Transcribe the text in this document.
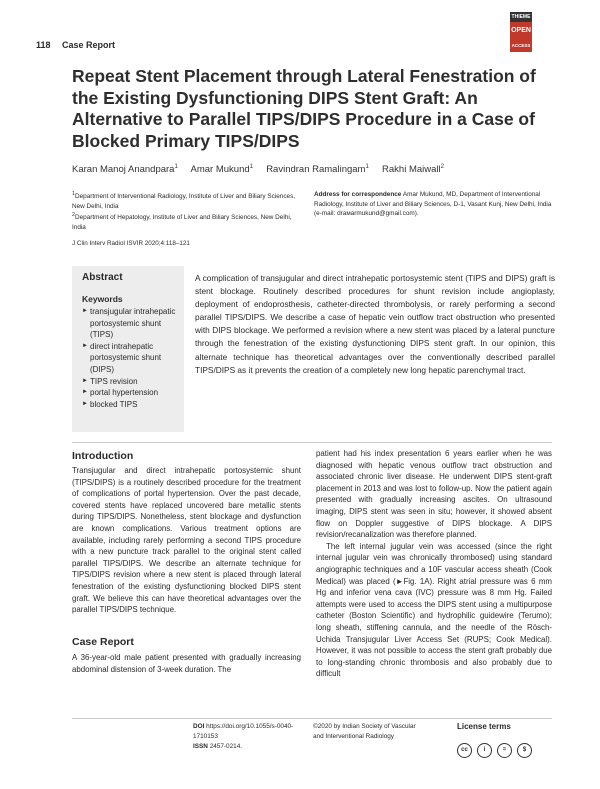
118 Case Report
THIEME
OPEN
ACCESS
Repeat Stent Placement through Lateral Fenestration of the Existing Dysfunctioning DIPS Stent Graft: An Alternative to Parallel TIPS/DIPS Procedure in a Case of Blocked Primary TIPS/DIPS
Karan Manoj Anandpara$^1$ Amar Mukund$^1$ Ravindran Ramalingam$^1$ Rakhi Maiwall$^2$
$^1$Department of Interventional Radiology, Institute of Liver and Biliary Sciences, New Delhi, India
$^2$Department of Hepatology, Institute of Liver and Biliary Sciences, New Delhi, India
Address for correspondence Amar Mukund, MD, Department of Interventional Radiology, Institute of Liver and Biliary Sciences, D-1, Vasant Kunj, New Delhi, India (e-mail: drамarmukund@gmail.com).
J Clin Interv Radiol ISVIR 2020;4:118–121
Abstract
Keywords
► transjugular intrahepatic portosystemic shunt (TIPS)
► direct intrahepatic portosystemic shunt (DIPS)
► TIPS revision
► portal hypertension
► blocked TIPS
A complication of transjugular and direct intrahepatic portosystemic stent (TIPS and DIPS) graft is stent blockage. Routinely described procedures for shunt revision include angioplasty, deployment of endoprosthesis, catheter-directed thrombolysis, or rarely performing a second parallel TIPS/DIPS. We describe a case of hepatic vein outflow tract obstruction who presented with DIPS blockage. We performed a revision where a new stent was placed by a lateral puncture through the fenestration of the existing dysfunctioning DIPS stent graft. In our opinion, this alternate technique has theoretical advantages over the conventionally described parallel TIPS/DIPS as it prevents the creation of a completely new long hepatic parenchymal tract.
Introduction

Transjugular and direct intrahepatic portosystemic shunt (TIPS/DIPS) is a routinely described procedure for the treatment of complications of portal hypertension. Over the past decade, covered stents have replaced uncovered bare metallic stents during TIPS/DIPS. Nonetheless, stent blockage and dysfunction are known complications. Various treatment options are available, including rarely performing a second TIPS procedure with a new puncture track parallel to the original stent called parallel TIPS/DIPS. We describe an alternate technique for TIPS/DIPS revision where a new stent is placed through lateral fenestration of the existing dysfunctioning blocked DIPS stent graft. We believe this can have theoretical advantages over the parallel TIPS/DIPS technique.

Case Report

A 36-year-old male patient presented with gradually increasing abdominal distension of 3-week duration. The

patient had his index presentation 6 years earlier when he was diagnosed with hepatic venous outflow tract obstruction and associated chronic liver disease. He underwent DIPS stent-graft placement in 2013 and was lost to follow-up. Now the patient again presented with gradually increasing ascites. On ultrasound imaging, DIPS stent was seen in situ; however, it showed absent flow on Doppler suggestive of DIPS blockage. A DIPS revision/recanalization was therefore planned.

The left internal jugular vein was accessed (since the right internal jugular vein was chronically thrombosed) using standard angiographic techniques and a 10F vascular access sheath (Cook Medical) was placed (►Fig. 1A). Right atrial pressure was 6 mm Hg and inferior vena cava (IVC) pressure was 8 mm Hg. Failed attempts were used to access the DIPS stent using a multipurpose catheter (Boston Scientific) and hydrophilic guidewire (Terumo); long sheath, stiffening cannula, and the needle of the Rösch-Uchida Transjugular Liver Access Set (RUPS; Cook Medical). However, it was not possible to access the stent graft probably due to long-standing chronic thrombosis and also probably due to difficult

DOI https://doi.org/10.1055/s-0040-1710153
ISSN 2457-0214.
©2020 by Indian Society of Vascular and Interventional Radiology
License terms
cc	i	=	$
